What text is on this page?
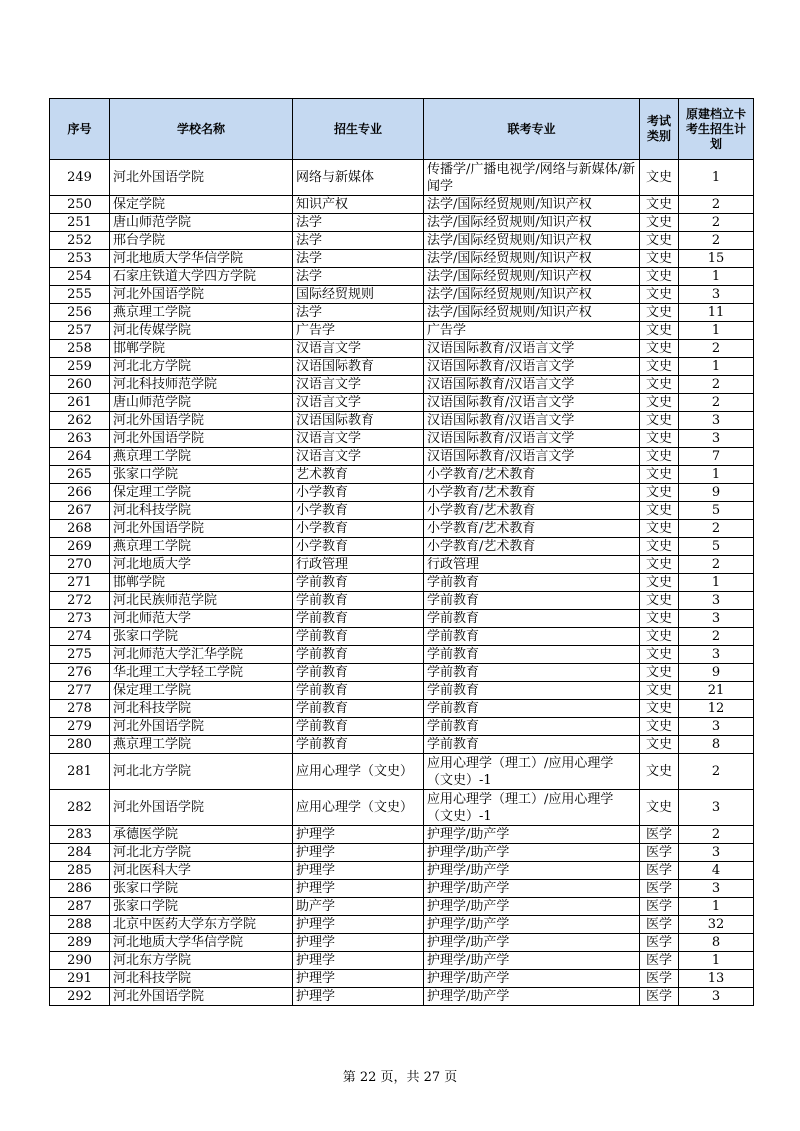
序号	学校名称	招生专业	联考专业	考试类别	原建档立卡考生招生计划
249	河北外国语学院	网络与新媒体	传播学/广播电视学/网络与新媒体/新闻学	文史	1
250	保定学院	知识产权	法学/国际经贸规则/知识产权	文史	2
251	唐山师范学院	法学	法学/国际经贸规则/知识产权	文史	2
252	邢台学院	法学	法学/国际经贸规则/知识产权	文史	2
253	河北地质大学华信学院	法学	法学/国际经贸规则/知识产权	文史	15
254	石家庄铁道大学四方学院	法学	法学/国际经贸规则/知识产权	文史	1
255	河北外国语学院	国际经贸规则	法学/国际经贸规则/知识产权	文史	3
256	燕京理工学院	法学	法学/国际经贸规则/知识产权	文史	11
257	河北传媒学院	广告学	广告学	文史	1
258	邯郸学院	汉语言文学	汉语国际教育/汉语言文学	文史	2
259	河北北方学院	汉语国际教育	汉语国际教育/汉语言文学	文史	1
260	河北科技师范学院	汉语言文学	汉语国际教育/汉语言文学	文史	2
261	唐山师范学院	汉语言文学	汉语国际教育/汉语言文学	文史	2
262	河北外国语学院	汉语国际教育	汉语国际教育/汉语言文学	文史	3
263	河北外国语学院	汉语言文学	汉语国际教育/汉语言文学	文史	3
264	燕京理工学院	汉语言文学	汉语国际教育/汉语言文学	文史	7
265	张家口学院	艺术教育	小学教育/艺术教育	文史	1
266	保定理工学院	小学教育	小学教育/艺术教育	文史	9
267	河北科技学院	小学教育	小学教育/艺术教育	文史	5
268	河北外国语学院	小学教育	小学教育/艺术教育	文史	2
269	燕京理工学院	小学教育	小学教育/艺术教育	文史	5
270	河北地质大学	行政管理	行政管理	文史	2
271	邯郸学院	学前教育	学前教育	文史	1
272	河北民族师范学院	学前教育	学前教育	文史	3
273	河北师范大学	学前教育	学前教育	文史	3
274	张家口学院	学前教育	学前教育	文史	2
275	河北师范大学汇华学院	学前教育	学前教育	文史	3
276	华北理工大学轻工学院	学前教育	学前教育	文史	9
277	保定理工学院	学前教育	学前教育	文史	21
278	河北科技学院	学前教育	学前教育	文史	12
279	河北外国语学院	学前教育	学前教育	文史	3
280	燕京理工学院	学前教育	学前教育	文史	8
281	河北北方学院	应用心理学（文史）	应用心理学（理工）/应用心理学（文史）-1	文史	2
282	河北外国语学院	应用心理学（文史）	应用心理学（理工）/应用心理学（文史）-1	文史	3
283	承德医学院	护理学	护理学/助产学	医学	2
284	河北北方学院	护理学	护理学/助产学	医学	3
285	河北医科大学	护理学	护理学/助产学	医学	4
286	张家口学院	护理学	护理学/助产学	医学	3
287	张家口学院	助产学	护理学/助产学	医学	1
288	北京中医药大学东方学院	护理学	护理学/助产学	医学	32
289	河北地质大学华信学院	护理学	护理学/助产学	医学	8
290	河北东方学院	护理学	护理学/助产学	医学	1
291	河北科技学院	护理学	护理学/助产学	医学	13
292	河北外国语学院	护理学	护理学/助产学	医学	3
第 22 页，共 27 页
